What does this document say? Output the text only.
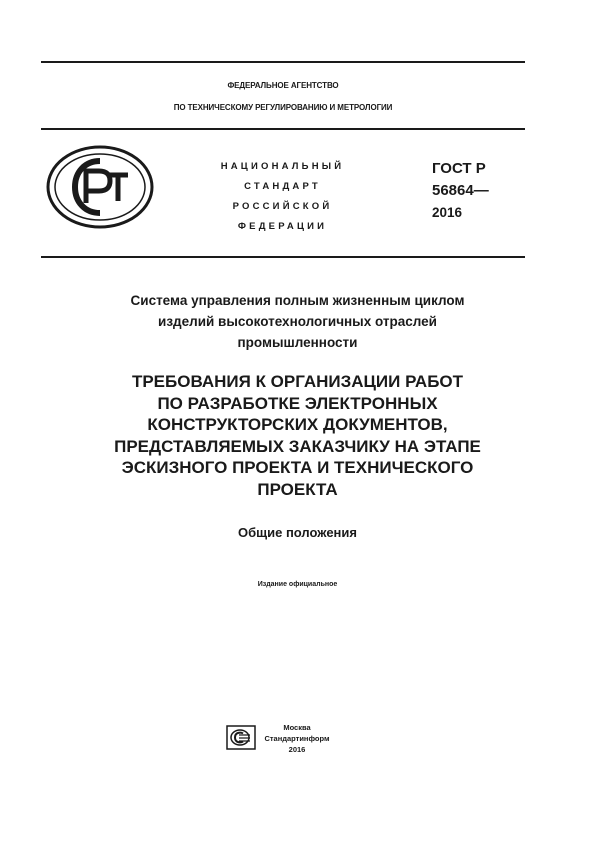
ФЕДЕРАЛЬНОЕ АГЕНТСТВО
ПО ТЕХНИЧЕСКОМУ РЕГУЛИРОВАНИЮ И МЕТРОЛОГИИ
НАЦИОНАЛЬНЫЙ
СТАНДАРТ
РОССИЙСКОЙ
ФЕДЕРАЦИИ
ГОСТ Р
56864—
2016
Система управления полным жизненным циклом
изделий высокотехнологичных отраслей
промышленности
ТРЕБОВАНИЯ К ОРГАНИЗАЦИИ РАБОТ
ПО РАЗРАБОТКЕ ЭЛЕКТРОННЫХ
КОНСТРУКТОРСКИХ ДОКУМЕНТОВ,
ПРЕДСТАВЛЯЕМЫХ ЗАКАЗЧИКУ НА ЭТАПЕ
ЭСКИЗНОГО ПРОЕКТА И ТЕХНИЧЕСКОГО
ПРОЕКТА
Общие положения
Издание официальное
Москва
Стандартинформ
2016
